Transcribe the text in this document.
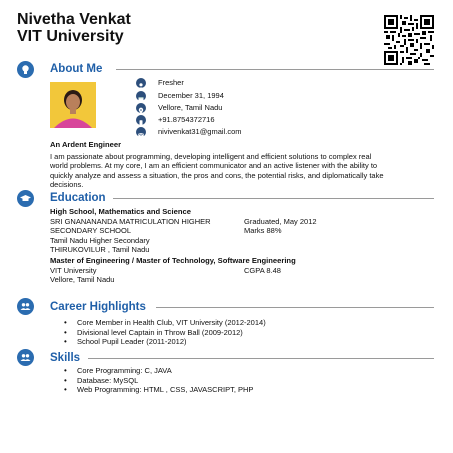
Nivetha Venkat
VIT University
About Me
Fresher
December 31, 1994
Vellore, Tamil Nadu
+91.8754372716
nivivenkat31@gmail.com
An Ardent Engineer
I am passionate about programming, developing intelligent and efficient solutions to complex real
world problems. At my core, I am an efficient communicator and an active listener with the ability to
quickly analyze and assess a situation, the pros and cons, the potential risks, and diplomatically take
decisions.
Education
High School, Mathematics and Science
SRI GNANANANDA MATRICULATION HIGHER
SECONDARY SCHOOL
Tamil Nadu Higher Secondary
THIRUKOVILUR , Tamil Nadu
Graduated, May 2012
Marks 88%
Master of Engineering / Master of Technology, Software Engineering
VIT University
Vellore, Tamil Nadu
CGPA 8.48
Career Highlights
• Core Member in Health Club, VIT University (2012-2014)
• Divisional level Captain in Throw Ball (2009-2012)
• School Pupil Leader (2011-2012)
Skills
• Core Programming: C, JAVA
• Database: MySQL
• Web Programming: HTML , CSS, JAVASCRIPT, PHP
